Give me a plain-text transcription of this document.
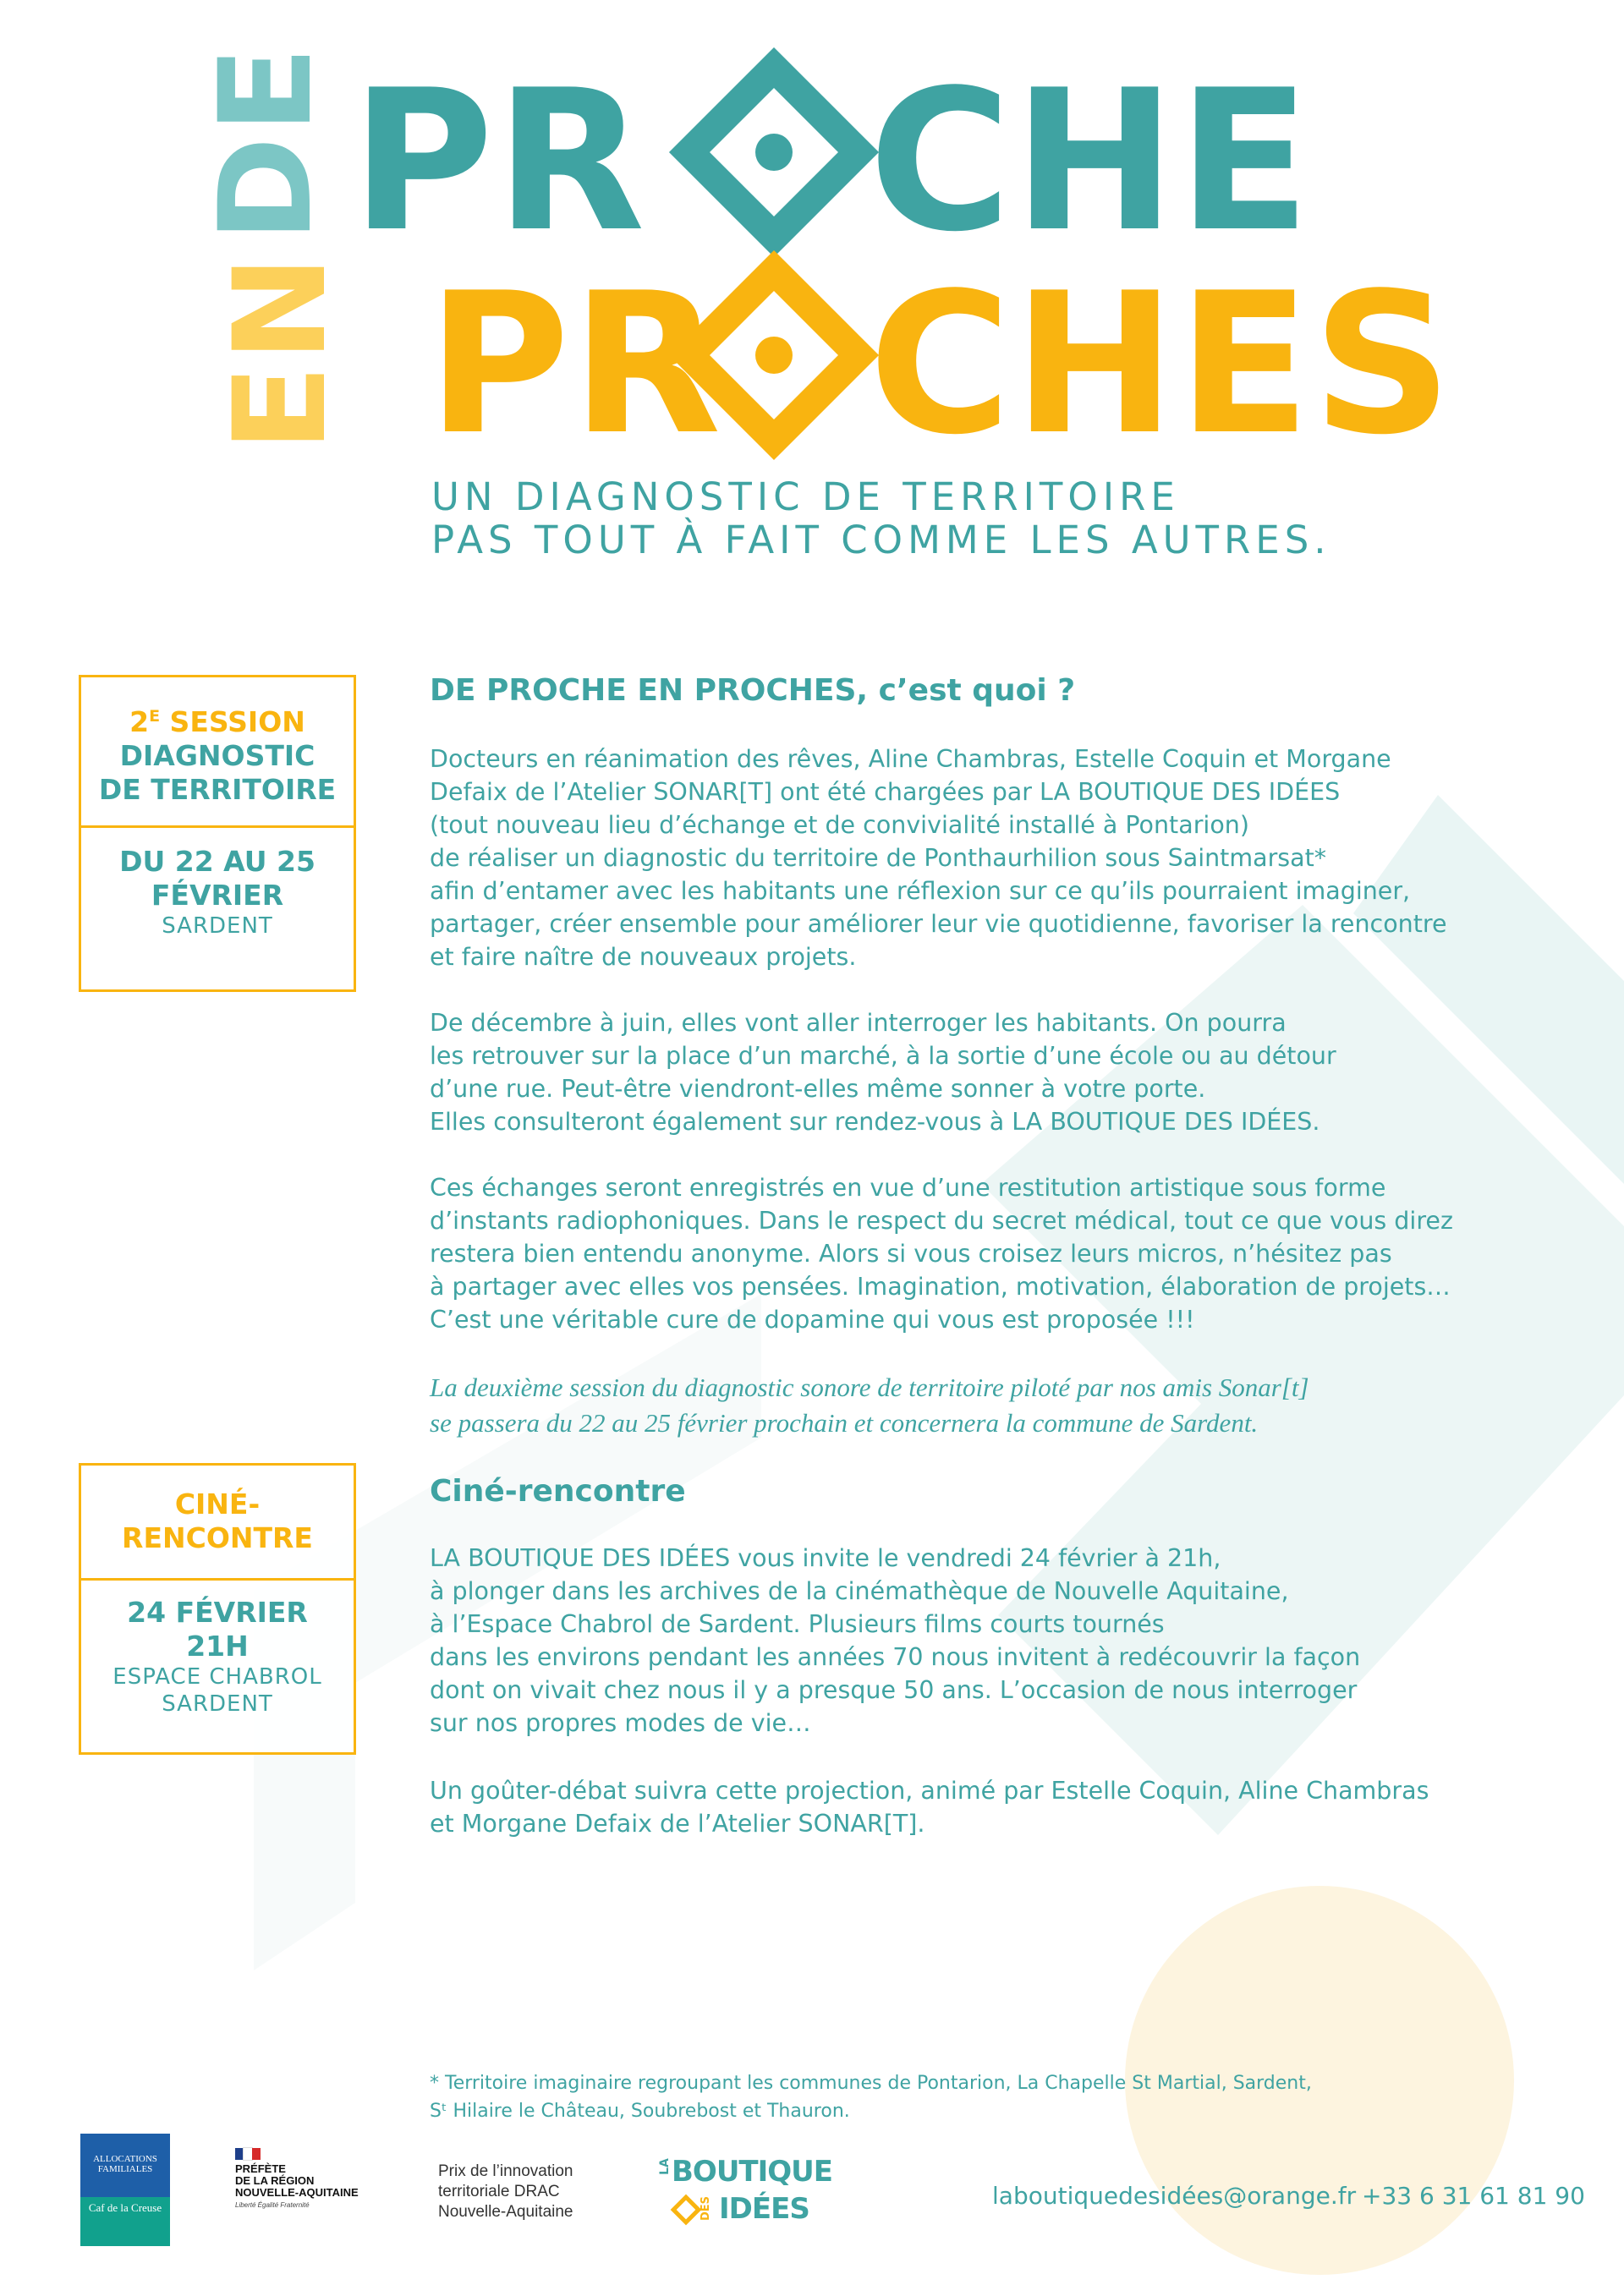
DE PR CHE
EN PR CHES
UN DIAGNOSTIC DE TERRITOIRE
PAS TOUT À FAIT COMME LES AUTRES.
$2^E$ SESSION
DIAGNOSTIC
DE TERRITOIRE
DU 22 AU 25
FÉVRIER
SARDENT
CINÉ-
RENCONTRE
24 FÉVRIER
21H
ESPACE CHABROL
SARDENT
DE PROCHE EN PROCHES, c’est quoi ?
Docteurs en réanimation des rêves, Aline Chambras, Estelle Coquin et Morgane
Defaix de l’Atelier SONAR[T] ont été chargées par LA BOUTIQUE DES IDÉES
(tout nouveau lieu d’échange et de convivialité installé à Pontarion)
de réaliser un diagnostic du territoire de Ponthaurhilion sous Saintmarsat*
afin d’entamer avec les habitants une réflexion sur ce qu’ils pourraient imaginer,
partager, créer ensemble pour améliorer leur vie quotidienne, favoriser la rencontre
et faire naître de nouveaux projets.
De décembre à juin, elles vont aller interroger les habitants. On pourra
les retrouver sur la place d’un marché, à la sortie d’une école ou au détour
d’une rue. Peut-être viendront-elles même sonner à votre porte.
Elles consulteront également sur rendez-vous à LA BOUTIQUE DES IDÉES.
Ces échanges seront enregistrés en vue d’une restitution artistique sous forme
d’instants radiophoniques. Dans le respect du secret médical, tout ce que vous direz
restera bien entendu anonyme. Alors si vous croisez leurs micros, n’hésitez pas
à partager avec elles vos pensées. Imagination, motivation, élaboration de projets…
C’est une véritable cure de dopamine qui vous est proposée !!!
La deuxième session du diagnostic sonore de territoire piloté par nos amis Sonar[t]
se passera du 22 au 25 février prochain et concernera la commune de Sardent.
Ciné-rencontre
LA BOUTIQUE DES IDÉES vous invite le vendredi 24 février à 21h,
à plonger dans les archives de la cinémathèque de Nouvelle Aquitaine,
à l’Espace Chabrol de Sardent. Plusieurs films courts tournés
dans les environs pendant les années 70 nous invitent à redécouvrir la façon
dont on vivait chez nous il y a presque 50 ans. L’occasion de nous interroger
sur nos propres modes de vie…
Un goûter-débat suivra cette projection, animé par Estelle Coquin, Aline Chambras
et Morgane Defaix de l’Atelier SONAR[T].
* Territoire imaginaire regroupant les communes de Pontarion, La Chapelle St Martial, Sardent,
Sᵗ Hilaire le Château, Soubrebost et Thauron.
ALLOCATIONS FAMILIALES
Caf de la Creuse
PRÉFÈTE
DE LA RÉGION
NOUVELLE-AQUITAINE
Liberté Égalité Fraternité
Prix de l’innovation
territoriale DRAC
Nouvelle-Aquitaine
LA BOUTIQUE
DES IDÉES	laboutiquedesidées@orange.fr +33 6 31 61 81 90
